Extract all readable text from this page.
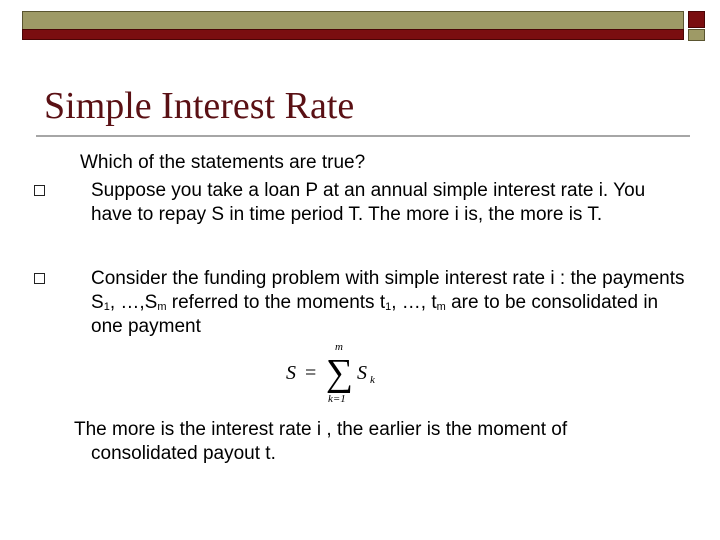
Simple Interest Rate
Which of the statements are true?
Suppose you take a loan P at an annual simple interest rate i. You have to repay S in time period T. The more i is, the more is T.
Consider the funding problem with simple interest rate i : the payments $S_1$, $\dots,S_m$ referred to the moments $t_1$, …, $t_m$ are to be consolidated in one payment
S = ∑
m
k=1
S k
The more is the interest rate i , the earlier is the moment of
consolidated payout t.
